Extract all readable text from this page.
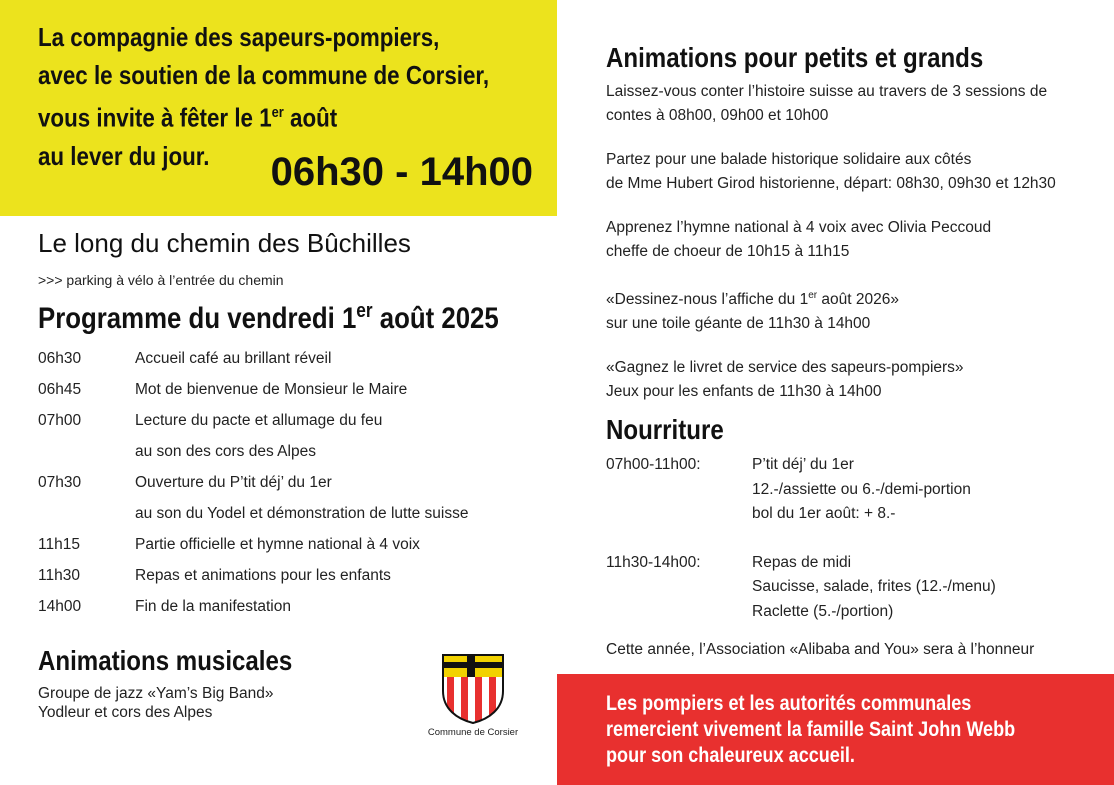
La compagnie des sapeurs-pompiers,
avec le soutien de la commune de Corsier,
vous invite à fêter le 1er août
au lever du jour.	06h30 - 14h00
Le long du chemin des Bûchilles
>>> parking à vélo à l’entrée du chemin
Programme du vendredi 1er août 2025
06h30	Accueil café au brillant réveil
06h45	Mot de bienvenue de Monsieur le Maire
07h00	Lecture du pacte et allumage du feu
au son des cors des Alpes
07h30	Ouverture du P’tit déj’ du 1er
au son du Yodel et démonstration de lutte suisse
11h15	Partie officielle et hymne national à 4 voix
11h30	Repas et animations pour les enfants
14h00	Fin de la manifestation
Animations musicales
Groupe de jazz «Yam’s Big Band»
Yodleur et cors des Alpes
Commune de Corsier
Animations pour petits et grands
Laissez-vous conter l’histoire suisse au travers de 3 sessions de
contes à 08h00, 09h00 et 10h00
Partez pour une balade historique solidaire aux côtés
de Mme Hubert Girod historienne, départ: 08h30, 09h30 et 12h30
Apprenez l’hymne national à 4 voix avec Olivia Peccoud
cheffe de choeur de 10h15 à 11h15
«Dessinez-nous l’affiche du 1er août 2026»
sur une toile géante de 11h30 à 14h00
«Gagnez le livret de service des sapeurs-pompiers»
Jeux pour les enfants de 11h30 à 14h00
Nourriture
07h00-11h00:	P’tit déj’ du 1er
12.-/assiette ou 6.-/demi-portion
bol du 1er août: + 8.-
11h30-14h00:	Repas de midi
Saucisse, salade, frites (12.-/menu)
Raclette (5.-/portion)
Cette année, l’Association «Alibaba and You» sera à l’honneur
Les pompiers et les autorités communales
remercient vivement la famille Saint John Webb
pour son chaleureux accueil.
